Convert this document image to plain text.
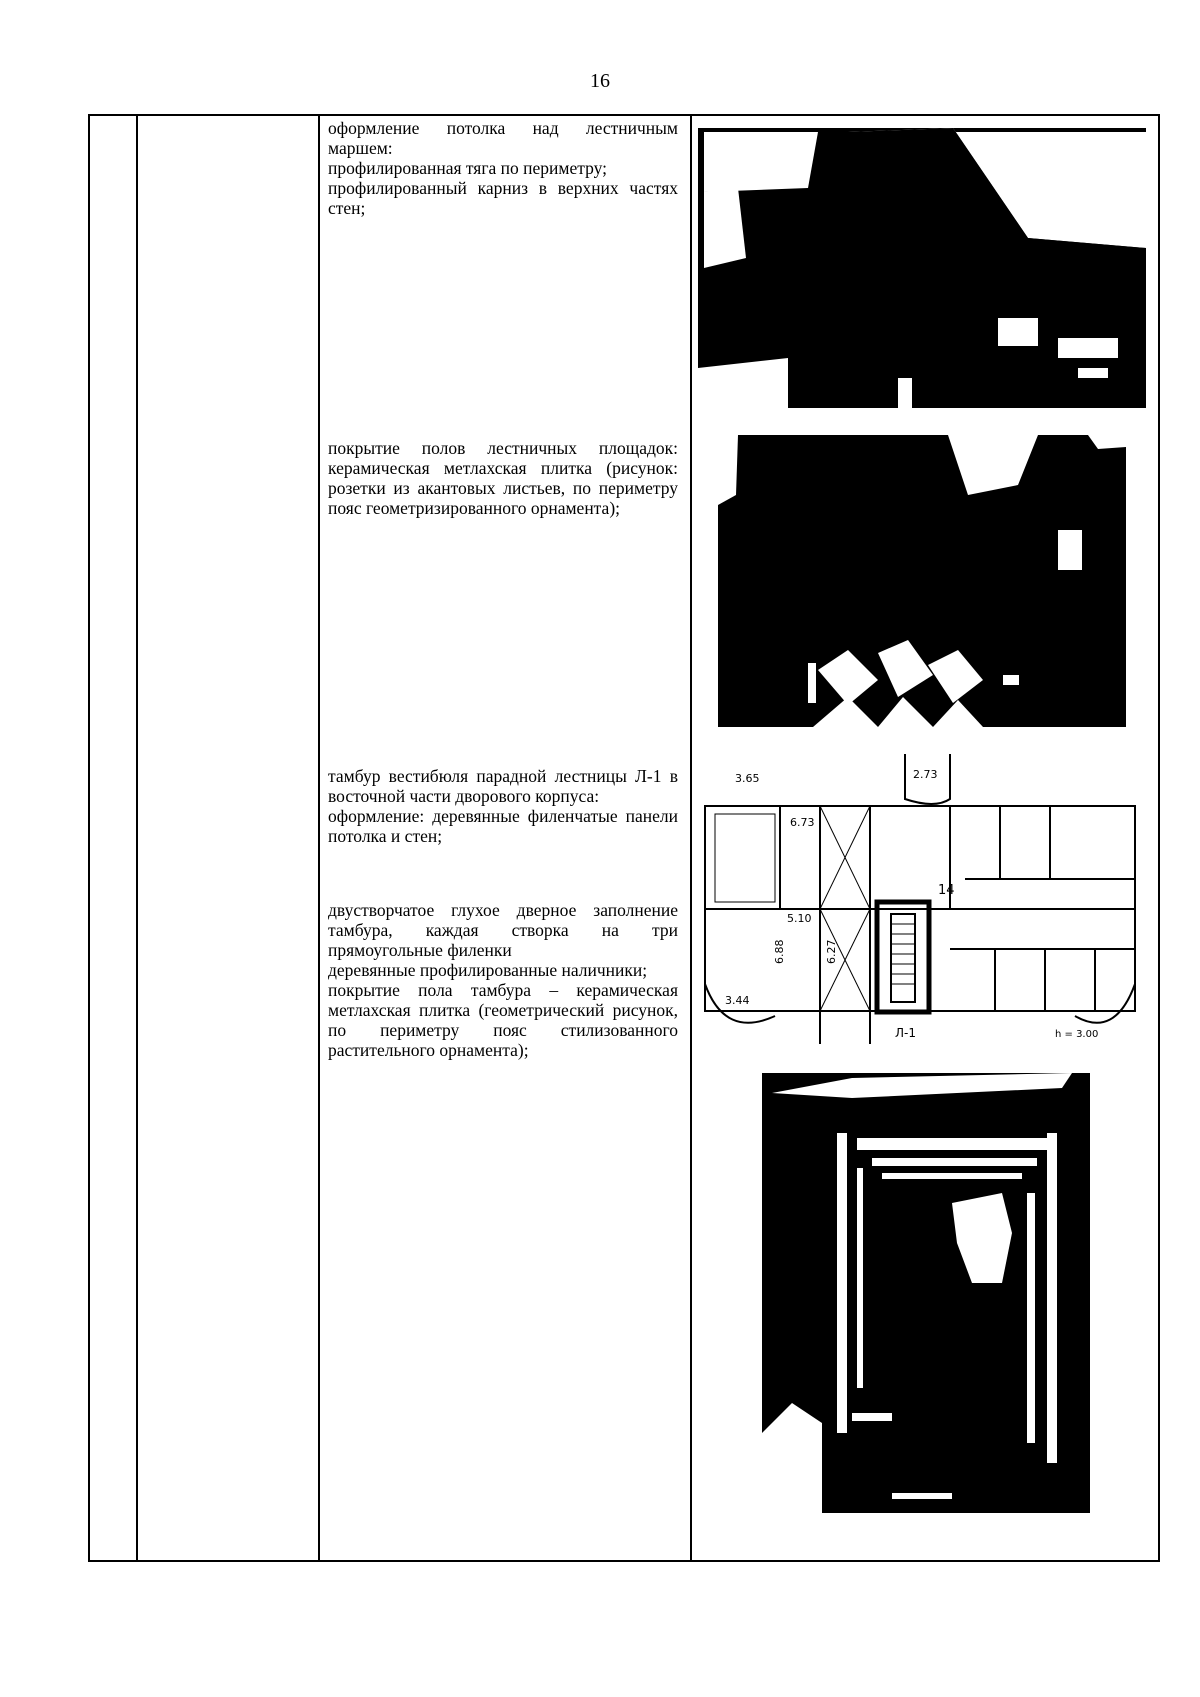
16

оформление потолка над лестничным маршем:

профилированная тяга по периметру;

профилированный карниз в верхних частях стен;

покрытие полов лестничных площадок: керамическая метлахская плитка (рисунок: розетки из акантовых листьев, по периметру пояс геометризированного орнамента);

тамбур вестибюля парадной лестницы Л-1 в восточной части дворового корпуса:

оформление: деревянные филенчатые панели потолка и стен;

двустворчатое глухое дверное заполнение тамбура, каждая створка на три прямоугольные филенки

деревянные профилированные наличники;

покрытие пола тамбура – керамическая метлахская плитка (геометрический рисунок, по периметру пояс стилизованного растительного орнамента);

3.65	2.73
6.73
5.10
6.88	6.27
3.44
14
Л-1	h = 3.00
